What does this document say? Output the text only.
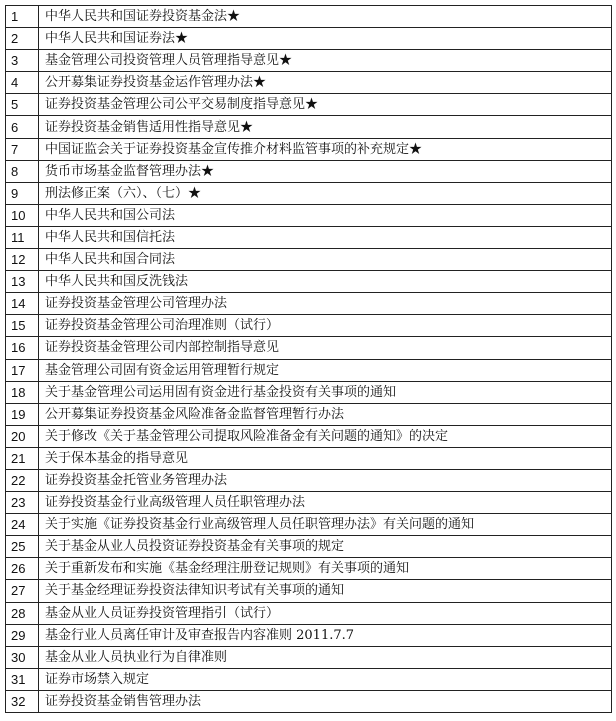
1	中华人民共和国证券投资基金法★
2	中华人民共和国证券法★
3	基金管理公司投资管理人员管理指导意见★
4	公开募集证券投资基金运作管理办法★
5	证券投资基金管理公司公平交易制度指导意见★
6	证券投资基金销售适用性指导意见★
7	中国证监会关于证券投资基金宣传推介材料监管事项的补充规定★
8	货币市场基金监督管理办法★
9	刑法修正案（六）、（七）★
10	中华人民共和国公司法
11	中华人民共和国信托法
12	中华人民共和国合同法
13	中华人民共和国反洗钱法
14	证券投资基金管理公司管理办法
15	证券投资基金管理公司治理准则（试行）
16	证券投资基金管理公司内部控制指导意见
17	基金管理公司固有资金运用管理暂行规定
18	关于基金管理公司运用固有资金进行基金投资有关事项的通知
19	公开募集证券投资基金风险准备金监督管理暂行办法
20	关于修改《关于基金管理公司提取风险准备金有关问题的通知》的决定
21	关于保本基金的指导意见
22	证券投资基金托管业务管理办法
23	证券投资基金行业高级管理人员任职管理办法
24	关于实施《证券投资基金行业高级管理人员任职管理办法》有关问题的通知
25	关于基金从业人员投资证券投资基金有关事项的规定
26	关于重新发布和实施《基金经理注册登记规则》有关事项的通知
27	关于基金经理证券投资法律知识考试有关事项的通知
28	基金从业人员证券投资管理指引（试行）
29	基金行业人员离任审计及审查报告内容准则 2011.7.7
30	基金从业人员执业行为自律准则
31	证券市场禁入规定
32	证券投资基金销售管理办法
